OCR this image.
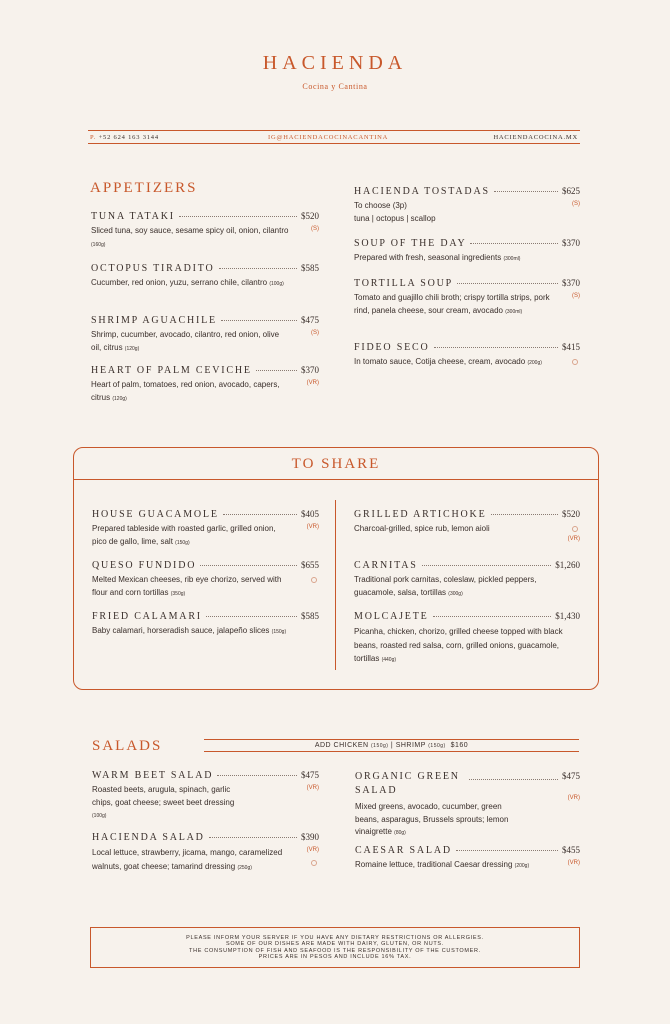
HACIENDA
Cocina y Cantina
P. +52 624 163 3144	IG@HACIENDACOCINACANTINA	HACIENDACOCINA.MX
APPETIZERS
TUNA TATAKI	$520
Sliced tuna, soy sauce, sesame spicy oil, onion, cilantro (160g)
(S)
OCTOPUS TIRADITO	$585
Cucumber, red onion, yuzu, serrano chile, cilantro (100g)
SHRIMP AGUACHILE	$475
Shrimp, cucumber, avocado, cilantro, red onion, olive oil, citrus (120g)
(S)
HEART OF PALM CEVICHE	$370
Heart of palm, tomatoes, red onion, avocado, capers, citrus (120g)
(VR)
HACIENDA TOSTADAS	$625
To choose (3p)
tuna | octopus | scallop
(S)
SOUP OF THE DAY	$370
Prepared with fresh, seasonal ingredients (300ml)
TORTILLA SOUP	$370
Tomato and guajillo chili broth; crispy tortilla strips, pork rind, panela cheese, sour cream, avocado (300ml)
(S)
FIDEO SECO	$415
In tomato sauce, Cotija cheese, cream, avocado (200g)
TO SHARE
HOUSE GUACAMOLE	$405
Prepared tableside with roasted garlic, grilled onion, pico de gallo, lime, salt (150g)
(VR)
QUESO FUNDIDO	$655
Melted Mexican cheeses, rib eye chorizo, served with flour and corn tortillas (350g)
FRIED CALAMARI	$585
Baby calamari, horseradish sauce, jalapeño slices (150g)
GRILLED ARTICHOKE	$520
Charcoal-grilled, spice rub, lemon aioli
(VR)
CARNITAS	$1,260
Traditional pork carnitas, coleslaw, pickled peppers, guacamole, salsa, tortillas (300g)
MOLCAJETE	$1,430
Picanha, chicken, chorizo, grilled cheese topped with black beans, roasted red salsa, corn, grilled onions, guacamole, tortillas (440g)
SALADS	ADD CHICKEN (150g) | SHRIMP (150g) $160
WARM BEET SALAD	$475
Roasted beets, arugula, spinach, garlic chips, goat cheese; sweet beet dressing (100g)
(VR)
HACIENDA SALAD	$390
Local lettuce, strawberry, jicama, mango, caramelized walnuts, goat cheese; tamarind dressing (250g)
(VR)
ORGANIC GREEN SALAD
$475
Mixed greens, avocado, cucumber, green beans, asparagus, Brussels sprouts; lemon vinaigrette (80g)
(VR)
CAESAR SALAD	$455
Romaine lettuce, traditional Caesar dressing (200g)	(VR)
PLEASE INFORM YOUR SERVER IF YOU HAVE ANY DIETARY RESTRICTIONS OR ALLERGIES.
SOME OF OUR DISHES ARE MADE WITH DAIRY, GLUTEN, OR NUTS.
THE CONSUMPTION OF FISH AND SEAFOOD IS THE RESPONSIBILITY OF THE CUSTOMER.
PRICES ARE IN PESOS AND INCLUDE 16% TAX.
